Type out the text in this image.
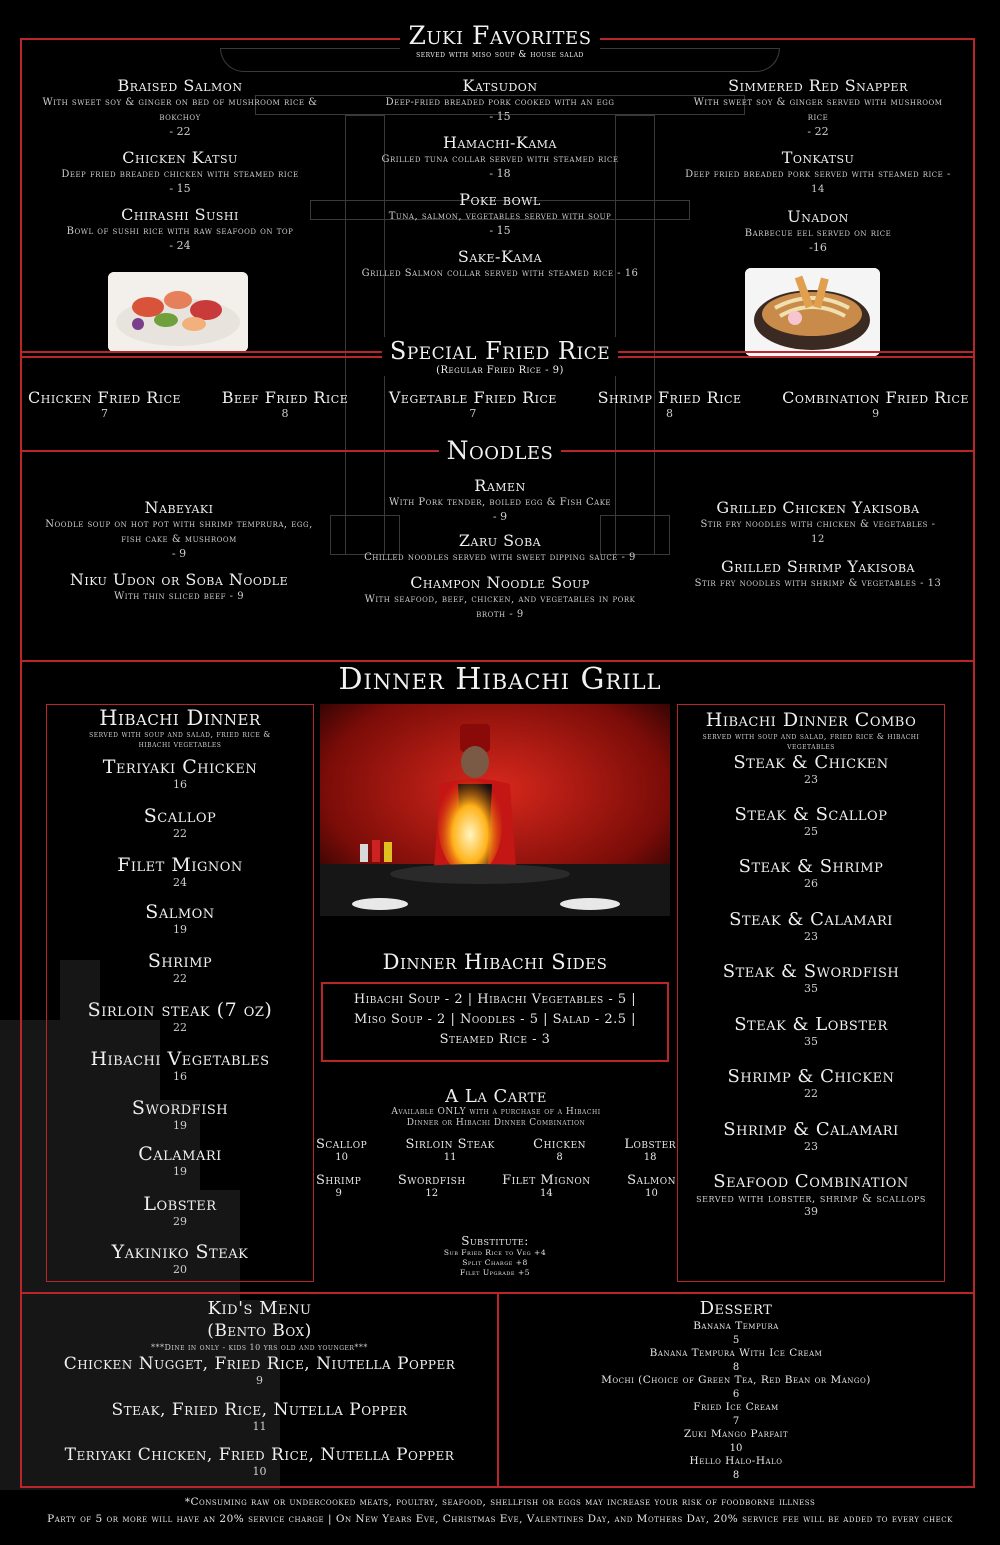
Zuki Favorites
served with miso soup & house salad
Braised Salmon
With sweet soy & ginger on bed of mushroom rice & bokchoy
- 22
Chicken Katsu
Deep fried breaded chicken with steamed rice
- 15
Chirashi Sushi
Bowl of sushi rice with raw seafood on top
- 24
Katsudon
Deep-fried breaded pork cooked with an egg
- 15
Hamachi-Kama
Grilled tuna collar served with steamed rice
- 18
Poke bowl
Tuna, salmon, vegetables served with soup
- 15
Sake-Kama
Grilled Salmon collar served with steamed rice - 16
Simmered Red Snapper
With sweet soy & ginger served with mushroom rice
- 22
Tonkatsu
Deep fried breaded pork served with steamed rice - 14
Unadon
Barbecue eel served on rice
-16
Special Fried Rice
(Regular Fried Rice - 9)
Chicken Fried Rice
7
Beef Fried Rice
8
Vegetable Fried Rice
7
Shrimp Fried Rice
8
Combination Fried Rice
9
Noodles
Nabeyaki
Noodle soup on hot pot with shrimp temprura, egg, fish cake & mushroom
- 9
Niku Udon or Soba Noodle
With thin sliced beef - 9
Ramen
With Pork tender, boiled egg & Fish Cake
- 9
Zaru Soba
Chilled noodles served with sweet dipping sauce - 9
Champon Noodle Soup
With seafood, beef, chicken, and vegetables in pork broth - 9
Grilled Chicken Yakisoba
Stir fry noodles with chicken & vegetables - 12
Grilled Shrimp Yakisoba
Stir fry noodles with shrimp & vegetables - 13
Dinner Hibachi Grill
Hibachi Dinner
served with soup and salad, fried rice & hibachi vegetables
Teriyaki Chicken
16
Scallop
22
Filet Mignon
24
Salmon
19
Shrimp
22
Sirloin steak (7 oz)
22
Hibachi Vegetables
16
Swordfish
19
Calamari
19
Lobster
29
Yakiniko Steak
20
Dinner Hibachi Sides
Hibachi Soup - 2 | Hibachi Vegetables - 5 |
Miso Soup - 2 | Noodles - 5 | Salad - 2.5 |
Steamed Rice - 3
A La Carte
Available ONLY with a purchase of a Hibachi Dinner or Hibachi Dinner Combination
Scallop
10
Sirloin Steak
11
Chicken
8
Lobster
18
Shrimp
9
Swordfish
12
Filet Mignon
14
Salmon
10
Substitute:
Sub Fried Rice to Veg +4
Split Charge +8
Filet Upgrade +5
Hibachi Dinner Combo
served with soup and salad, fried rice & hibachi vegetables
Steak & Chicken
23
Steak & Scallop
25
Steak & Shrimp
26
Steak & Calamari
23
Steak & Swordfish
35
Steak & Lobster
35
Shrimp & Chicken
22
Shrimp & Calamari
23
Seafood Combination
served with lobster, shrimp & scallops
39
Kid's Menu
(Bento Box)
***Dine in only - kids 10 yrs old and younger***
Chicken Nugget, Fried Rice, Niutella Popper
9
Steak, Fried Rice, Nutella Popper
11
Teriyaki Chicken, Fried Rice, Nutella Popper
10
Dessert
Banana Tempura
5
Banana Tempura With Ice Cream
8
Mochi (Choice of Green Tea, Red Bean or Mango)
6
Fried Ice Cream
7
Zuki Mango Parfait
10
Hello Halo-Halo
8
*Consuming raw or undercooked meats, poultry, seafood, shellfish or eggs may increase your risk of foodborne illness
Party of 5 or more will have an 20% service charge | On New Years Eve, Christmas Eve, Valentines Day, and Mothers Day, 20% service fee will be added to every check
